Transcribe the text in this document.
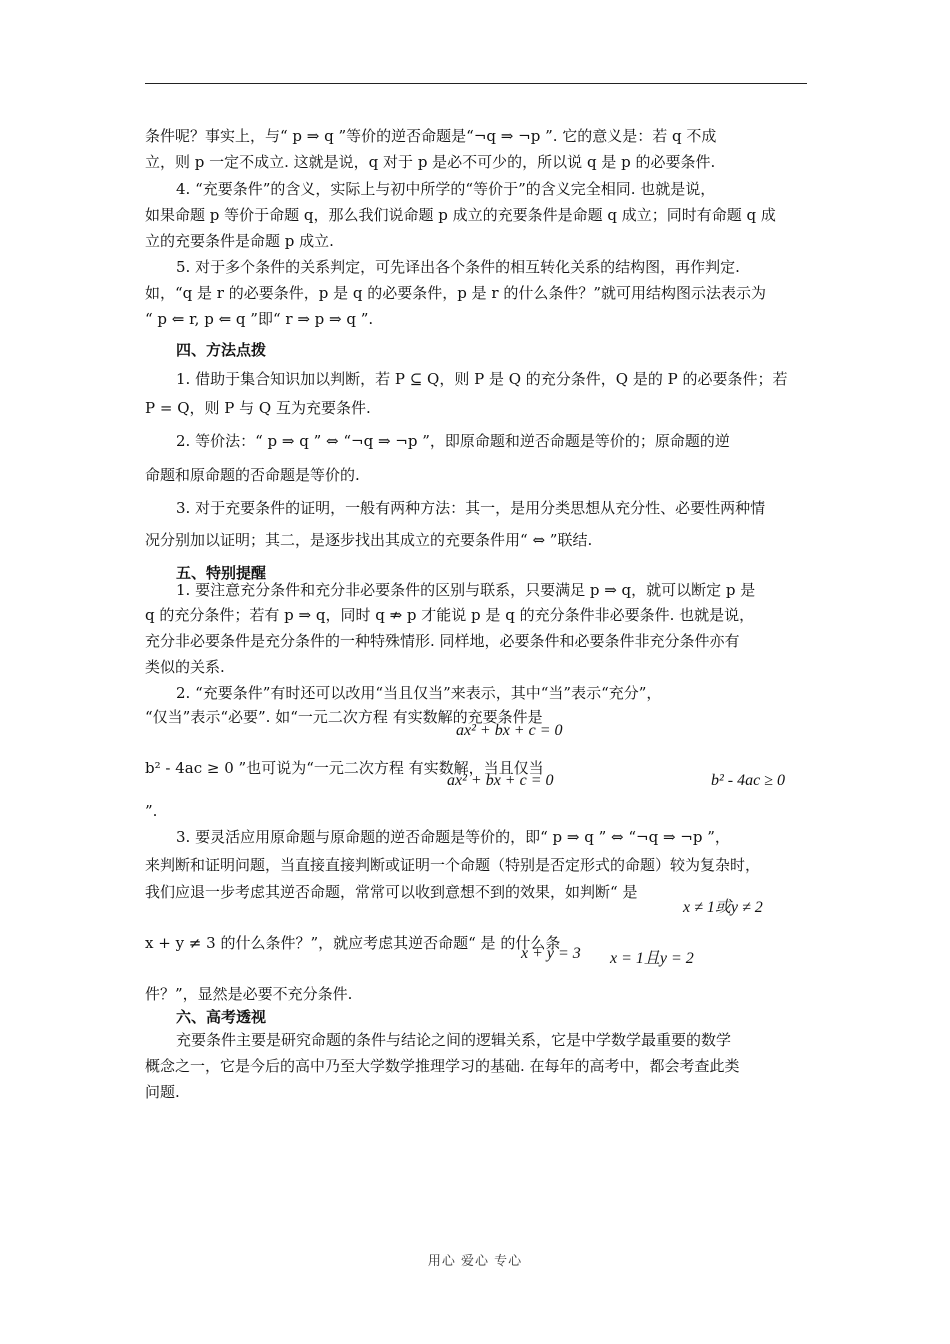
条件呢？事实上，与“ p ⇒ q ”等价的逆否命题是“¬q ⇒ ¬p ”. 它的意义是：若 q 不成
立，则 p 一定不成立. 这就是说，q 对于 p 是必不可少的，所以说 q 是 p 的必要条件.
4. “充要条件”的含义，实际上与初中所学的“等价于”的含义完全相同. 也就是说，
如果命题 p 等价于命题 q，那么我们说命题 p 成立的充要条件是命题 q 成立；同时有命题 q 成
立的充要条件是命题 p 成立.
5. 对于多个条件的关系判定，可先译出各个条件的相互转化关系的结构图，再作判定.
如，“q 是 r 的必要条件，p 是 q 的必要条件，p 是 r 的什么条件？”就可用结构图示法表示为
“ p ⇐ r, p ⇐ q ”即“ r ⇒ p ⇒ q ”.
四、方法点拨
1. 借助于集合知识加以判断，若 P ⊆ Q，则 P 是 Q 的充分条件，Q 是的 P 的必要条件；若
P = Q，则 P 与 Q 互为充要条件.
2. 等价法：“ p ⇒ q ” ⇔ “¬q ⇒ ¬p ”，即原命题和逆否命题是等价的；原命题的逆
命题和原命题的否命题是等价的.
3. 对于充要条件的证明，一般有两种方法：其一，是用分类思想从充分性、必要性两种情
况分别加以证明；其二，是逐步找出其成立的充要条件用“ ⇔ ”联结.
五、特别提醒
1. 要注意充分条件和充分非必要条件的区别与联系，只要满足 p ⇒ q，就可以断定 p 是
q 的充分条件；若有 p ⇒ q，同时 q ⇏ p 才能说 p 是 q 的充分条件非必要条件. 也就是说，
充分非必要条件是充分条件的一种特殊情形. 同样地，必要条件和必要条件非充分条件亦有
类似的关系.
2. “充要条件”有时还可以改用“当且仅当”来表示，其中“当”表示“充分”，
“仅当”表示“必要”. 如“一元二次方程 有实数解的充要条件是
b² - 4ac ≥ 0 ”也可说为“一元二次方程 有实数解，当且仅当
”.
3. 要灵活应用原命题与原命题的逆否命题是等价的，即“ p ⇒ q ” ⇔ “¬q ⇒ ¬p ”，
来判断和证明问题，当直接直接判断或证明一个命题（特别是否定形式的命题）较为复杂时，
我们应退一步考虑其逆否命题，常常可以收到意想不到的效果，如判断“ 是
x + y ≠ 3 的什么条件？”，就应考虑其逆否命题“ 是 的什么条
件？”，显然是必要不充分条件.
六、高考透视
充要条件主要是研究命题的条件与结论之间的逻辑关系，它是中学数学最重要的数学
概念之一，它是今后的高中乃至大学数学推理学习的基础. 在每年的高考中，都会考查此类
问题.
ax² + bx + c = 0
ax² + bx + c = 0	b² - 4ac ≥ 0
x ≠ 1或y ≠ 2
x + y = 3 x = 1且y = 2
用心 爱心 专心
